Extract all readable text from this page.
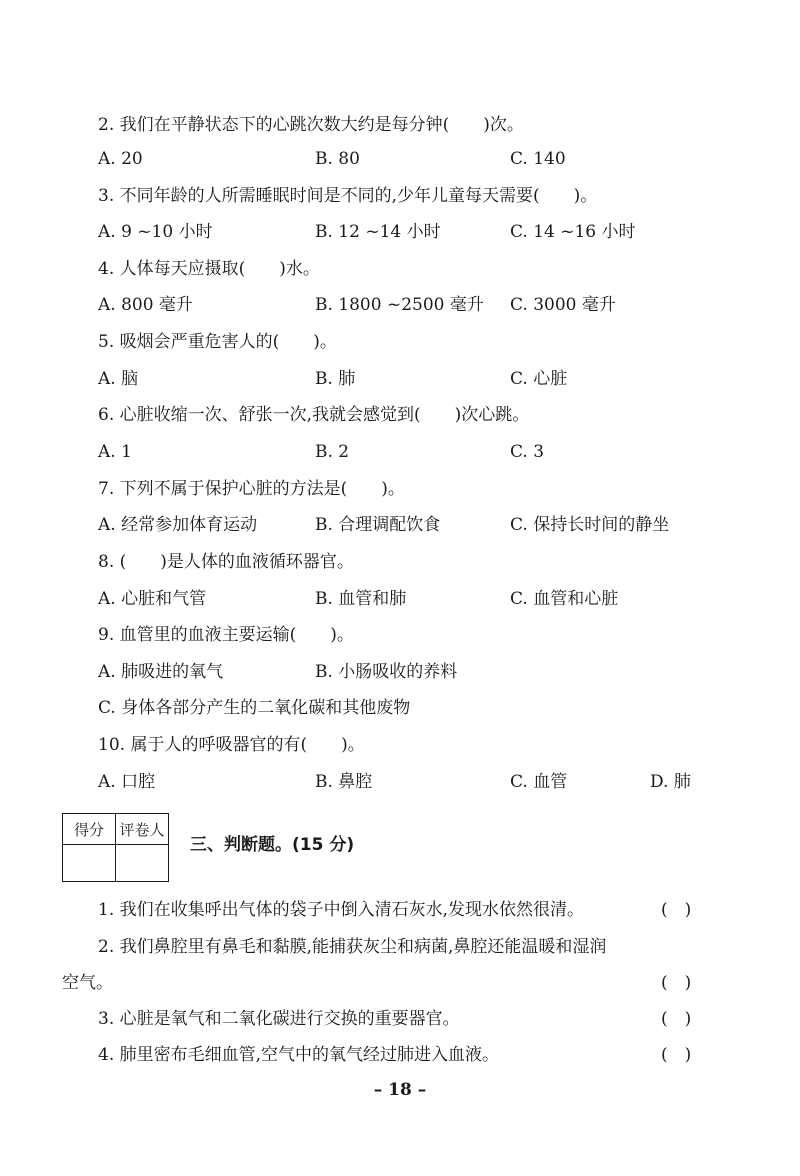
2. 我们在平静状态下的心跳次数大约是每分钟(　　)次。
A. 20	B. 80	C. 140
3. 不同年龄的人所需睡眠时间是不同的,少年儿童每天需要(　　)。
A. 9 ~10 小时	B. 12 ~14 小时	C. 14 ~16 小时
4. 人体每天应摄取(　　)水。
A. 800 毫升	B. 1800 ~2500 毫升 C. 3000 毫升
5. 吸烟会严重危害人的(　　)。
A. 脑	B. 肺	C. 心脏
6. 心脏收缩一次、舒张一次,我就会感觉到(　　)次心跳。
A. 1	B. 2	C. 3
7. 下列不属于保护心脏的方法是(　　)。
A. 经常参加体育运动	B. 合理调配饮食	C. 保持长时间的静坐
8. (　　)是人体的血液循环器官。
A. 心脏和气管	B. 血管和肺	C. 血管和心脏
9. 血管里的血液主要运输(　　)。
A. 肺吸进的氧气	B. 小肠吸收的养料
C. 身体各部分产生的二氧化碳和其他废物
10. 属于人的呼吸器官的有(　　)。
A. 口腔	B. 鼻腔	C. 血管	D. 肺
得分	评卷人

三、判断题。(15 分)
1. 我们在收集呼出气体的袋子中倒入清石灰水,发现水依然很清。	(　)
2. 我们鼻腔里有鼻毛和黏膜,能捕获灰尘和病菌,鼻腔还能温暖和湿润
空气。	(　)
3. 心脏是氧气和二氧化碳进行交换的重要器官。	(　)
4. 肺里密布毛细血管,空气中的氧气经过肺进入血液。	(　)
– 18 –
